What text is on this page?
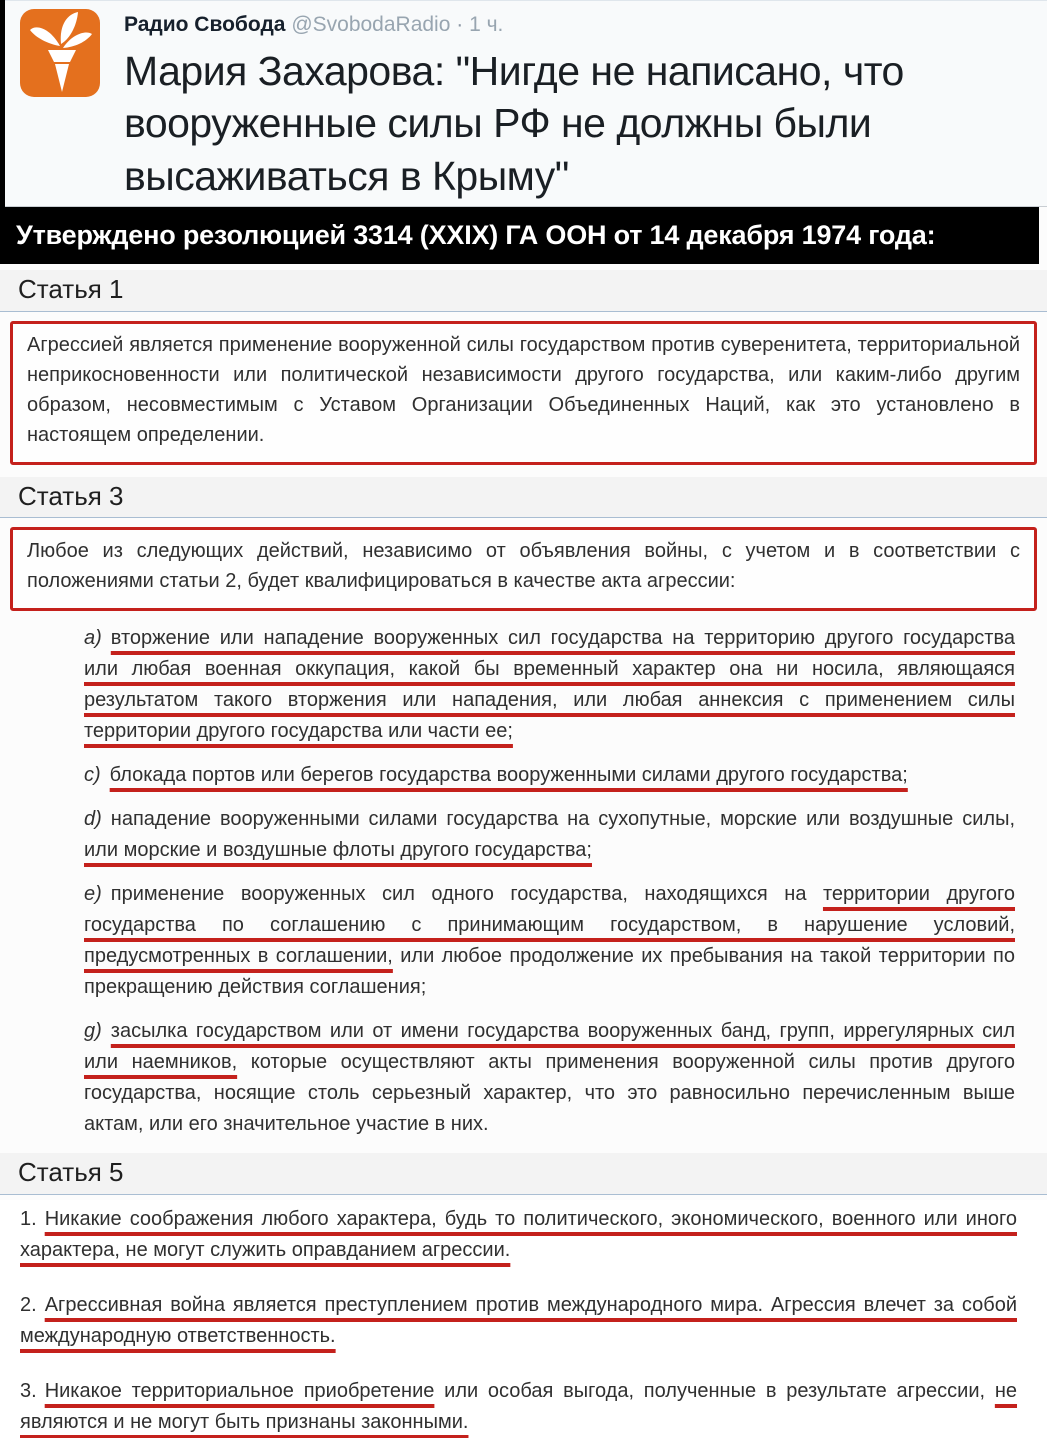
Радио Свобода @SvobodaRadio · 1 ч.
Мария Захарова: "Нигде не написано, что вооруженные силы РФ не должны были высаживаться в Крыму"
Утверждено резолюцией 3314 (XXIX) ГА ООН от 14 декабря 1974 года:
Статья 1

Агрессией является применение вооруженной силы государством против суверенитета, территориальной неприкосновенности или политической независимости другого государства, или каким-либо другим образом, несовместимым с Уставом Организации Объединенных Наций, как это установлено в настоящем определении.

Статья 3

Любое из следующих действий, независимо от объявления войны, с учетом и в соответствии с положениями статьи 2, будет квалифицироваться в качестве акта агрессии:

а) вторжение или нападение вооруженных сил государства на территорию другого государства или любая военная оккупация, какой бы временный характер она ни носила, являющаяся результатом такого вторжения или нападения, или любая аннексия с применением силы территории другого государства или части ее;

с) блокада портов или берегов государства вооруженными силами другого государства;

d) нападение вооруженными силами государства на сухопутные, морские или воздушные силы, или морские и воздушные флоты другого государства;

е) применение вооруженных сил одного государства, находящихся на территории другого государства по соглашению с принимающим государством, в нарушение условий, предусмотренных в соглашении, или любое продолжение их пребывания на такой территории по прекращению действия соглашения;

g) засылка государством или от имени государства вооруженных банд, групп, иррегулярных сил или наемников, которые осуществляют акты применения вооруженной силы против другого государства, носящие столь серьезный характер, что это равносильно перечисленным выше актам, или его значительное участие в них.

Статья 5

1. Никакие соображения любого характера, будь то политического, экономического, военного или иного характера, не могут служить оправданием агрессии.

2. Агрессивная война является преступлением против международного мира. Агрессия влечет за собой международную ответственность.

3. Никакое территориальное приобретение или особая выгода, полученные в результате агрессии, не являются и не могут быть признаны законными.
